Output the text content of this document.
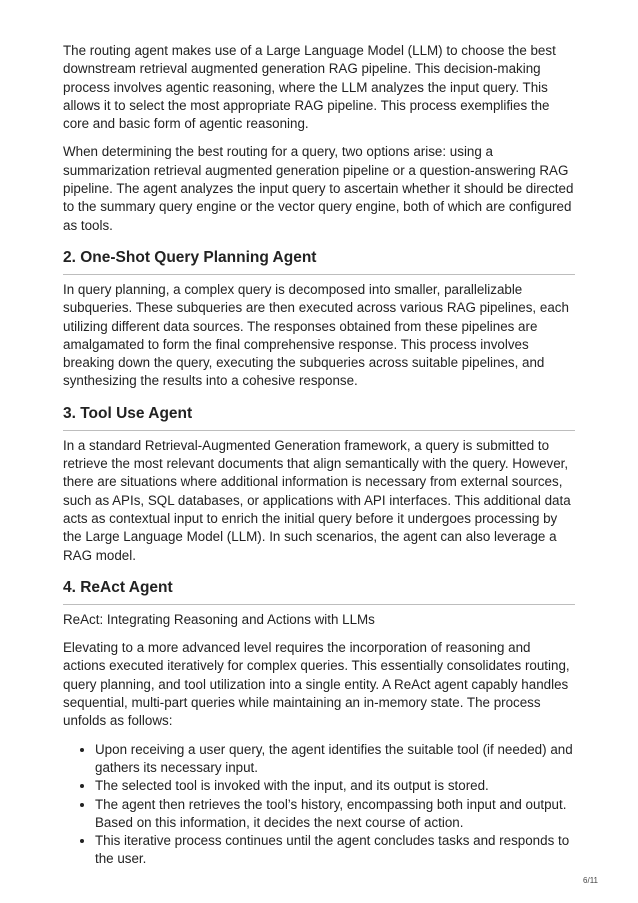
The routing agent makes use of a Large Language Model (LLM) to choose the best downstream retrieval augmented generation RAG pipeline. This decision-making process involves agentic reasoning, where the LLM analyzes the input query. This allows it to select the most appropriate RAG pipeline. This process exemplifies the core and basic form of agentic reasoning.

When determining the best routing for a query, two options arise: using a summarization retrieval augmented generation pipeline or a question-answering RAG pipeline. The agent analyzes the input query to ascertain whether it should be directed to the summary query engine or the vector query engine, both of which are configured as tools.

2. One-Shot Query Planning Agent

In query planning, a complex query is decomposed into smaller, parallelizable subqueries. These subqueries are then executed across various RAG pipelines, each utilizing different data sources. The responses obtained from these pipelines are amalgamated to form the final comprehensive response. This process involves breaking down the query, executing the subqueries across suitable pipelines, and synthesizing the results into a cohesive response.

3. Tool Use Agent

In a standard Retrieval-Augmented Generation framework, a query is submitted to retrieve the most relevant documents that align semantically with the query. However, there are situations where additional information is necessary from external sources, such as APIs, SQL databases, or applications with API interfaces. This additional data acts as contextual input to enrich the initial query before it undergoes processing by the Large Language Model (LLM). In such scenarios, the agent can also leverage a RAG model.

4. ReAct Agent

ReAct: Integrating Reasoning and Actions with LLMs

Elevating to a more advanced level requires the incorporation of reasoning and actions executed iteratively for complex queries. This essentially consolidates routing, query planning, and tool utilization into a single entity. A ReAct agent capably handles sequential, multi-part queries while maintaining an in-memory state. The process unfolds as follows:

• Upon receiving a user query, the agent identifies the suitable tool (if needed) and gathers its necessary input.
• The selected tool is invoked with the input, and its output is stored.
• The agent then retrieves the tool’s history, encompassing both input and output. Based on this information, it decides the next course of action.
• This iterative process continues until the agent concludes tasks and responds to the user.
6/11
